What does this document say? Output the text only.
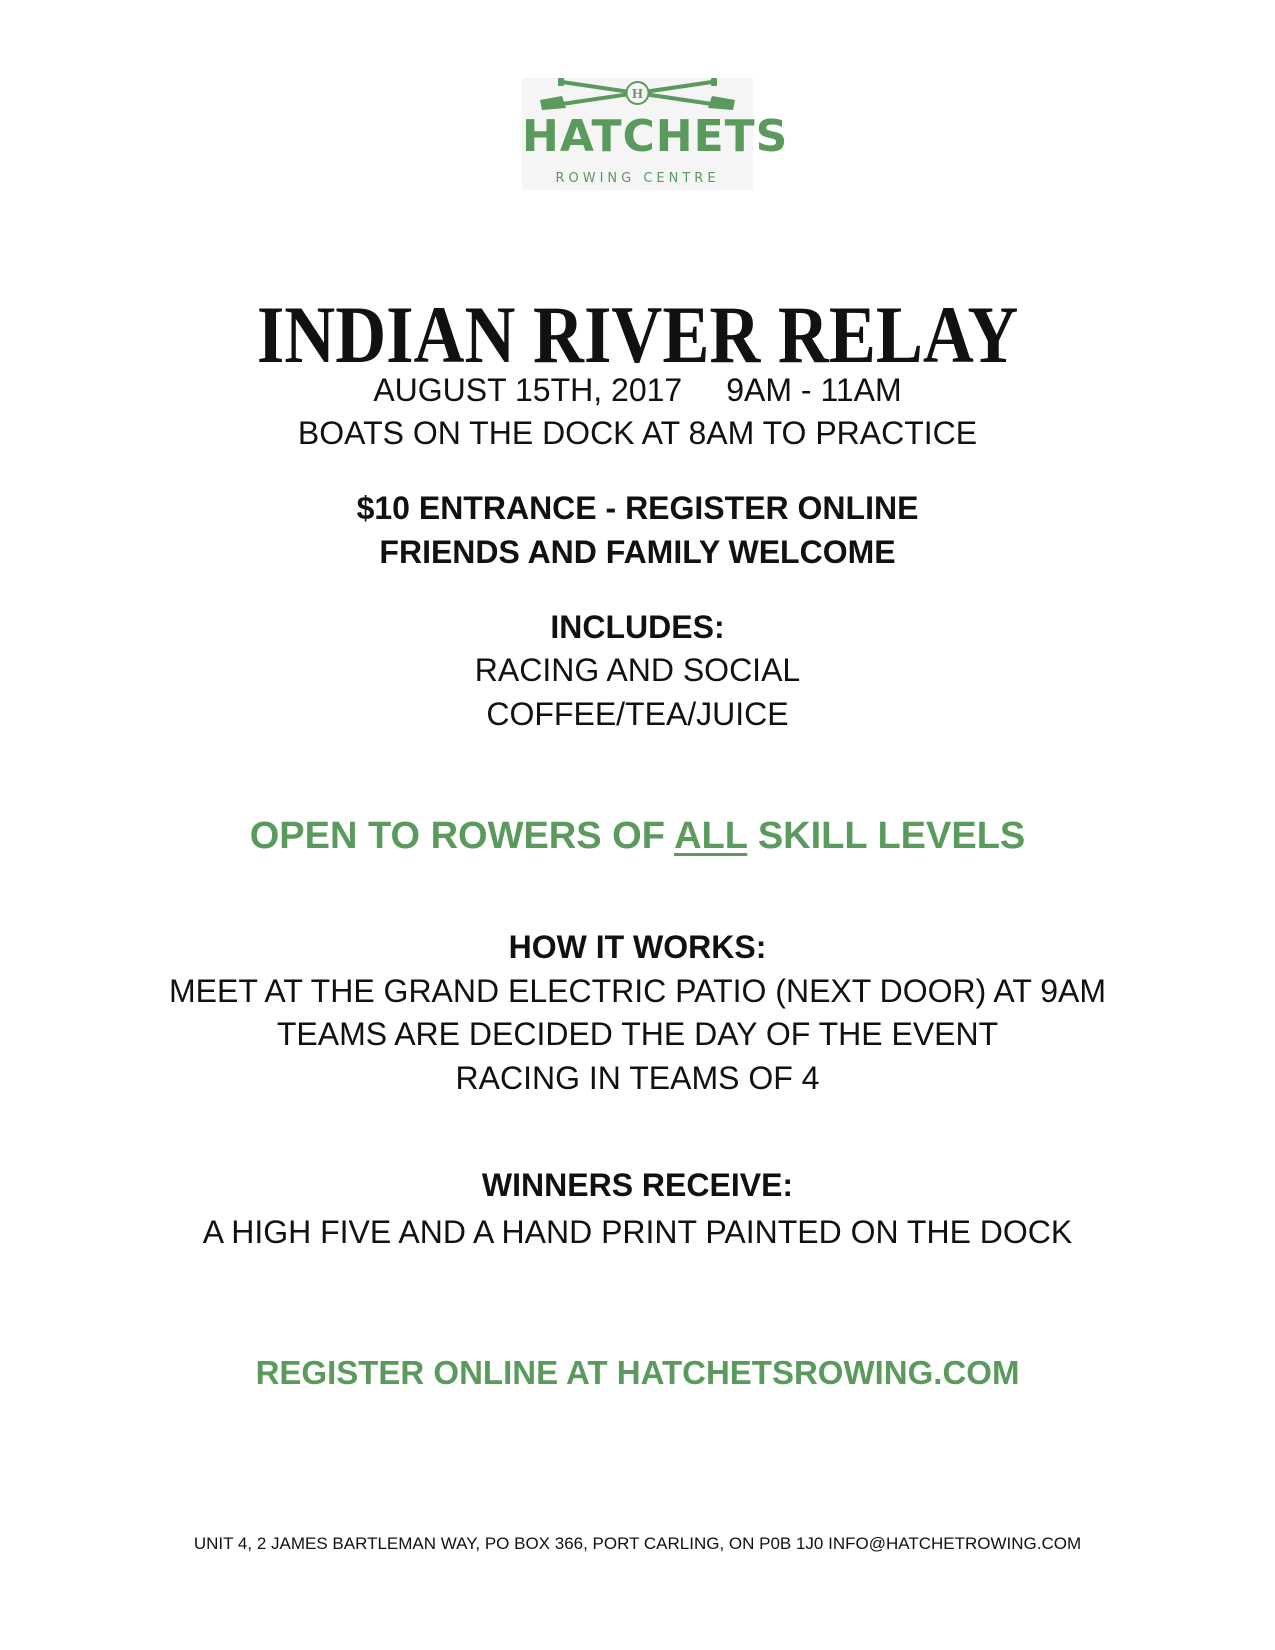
H
HATCHETS
ROWING CENTRE
INDIAN RIVER RELAY
AUGUST 15TH, 2017 9AM - 11AM
BOATS ON THE DOCK AT 8AM TO PRACTICE
$10 ENTRANCE - REGISTER ONLINE
FRIENDS AND FAMILY WELCOME
INCLUDES:
RACING AND SOCIAL
COFFEE/TEA/JUICE
OPEN TO ROWERS OF ALL SKILL LEVELS
HOW IT WORKS:
MEET AT THE GRAND ELECTRIC PATIO (NEXT DOOR) AT 9AM
TEAMS ARE DECIDED THE DAY OF THE EVENT
RACING IN TEAMS OF 4
WINNERS RECEIVE:
A HIGH FIVE AND A HAND PRINT PAINTED ON THE DOCK
REGISTER ONLINE AT HATCHETSROWING.COM
UNIT 4, 2 JAMES BARTLEMAN WAY, PO BOX 366, PORT CARLING, ON P0B 1J0 INFO@HATCHETROWING.COM
